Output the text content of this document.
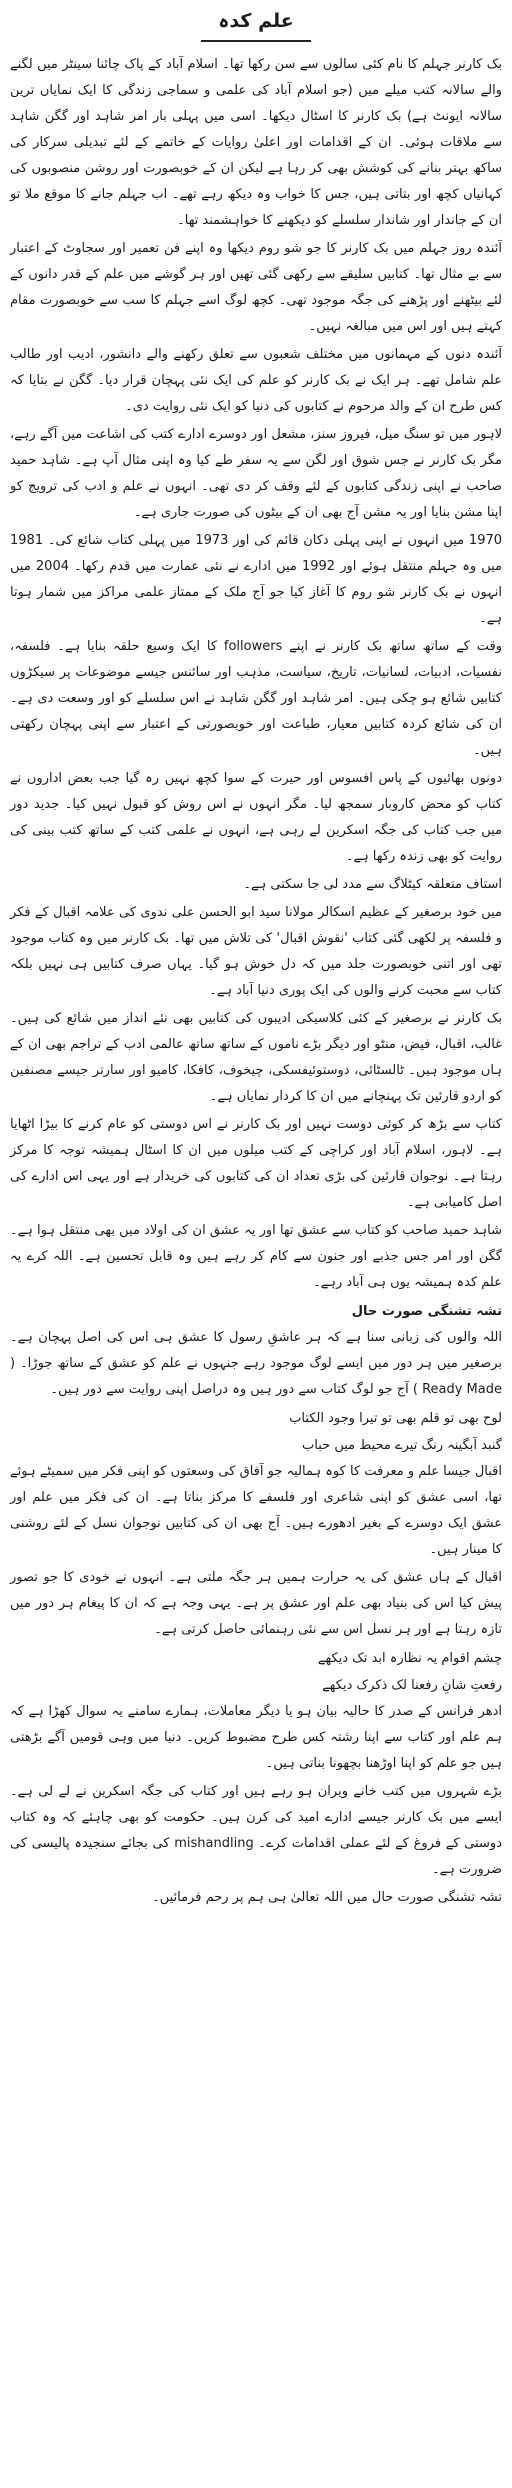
علم کدہ

بک کارنر جہلم کا نام کئی سالوں سے سن رکھا تھا۔ اسلام آباد کے پاک چائنا سینٹر میں لگنے والے سالانہ کتب میلے میں (جو اسلام آباد کی علمی و سماجی زندگی کا ایک نمایاں ترین سالانہ ایونٹ ہے) بک کارنر کا اسٹال دیکھا۔ اسی میں پہلی بار امر شاہد اور گگن شاہد سے ملاقات ہوئی۔ ان کے اقدامات اور اعلیٰ روایات کے خاتمے کے لئے تبدیلی سرکار کی ساکھ بہتر بنانے کی کوشش بھی کر رہا ہے لیکن ان کے خوبصورت اور روشن منصوبوں کی کہانیاں کچھ اور بتاتی ہیں، جس کا خواب وہ دیکھ رہے تھے۔ اب جہلم جانے کا موقع ملا تو ان کے جاندار اور شاندار سلسلے کو دیکھنے کا خواہشمند تھا۔

آئندہ روز جہلم میں بک کارنر کا جو شو روم دیکھا وہ اپنے فن تعمیر اور سجاوٹ کے اعتبار سے بے مثال تھا۔ کتابیں سلیقے سے رکھی گئی تھیں اور ہر گوشے میں علم کے قدر دانوں کے لئے بیٹھنے اور پڑھنے کی جگہ موجود تھی۔ کچھ لوگ اسے جہلم کا سب سے خوبصورت مقام کہتے ہیں اور اس میں مبالغہ نہیں۔

آئندہ دنوں کے مہمانوں میں مختلف شعبوں سے تعلق رکھنے والے دانشور، ادیب اور طالب علم شامل تھے۔ ہر ایک نے بک کارنر کو علم کی ایک نئی پہچان قرار دیا۔ گگن نے بتایا کہ کس طرح ان کے والد مرحوم نے کتابوں کی دنیا کو ایک نئی روایت دی۔

لاہور میں تو سنگ میل، فیروز سنز، مشعل اور دوسرے ادارے کتب کی اشاعت میں آگے رہے، مگر بک کارنر نے جس شوق اور لگن سے یہ سفر طے کیا وہ اپنی مثال آپ ہے۔ شاہد حمید صاحب نے اپنی زندگی کتابوں کے لئے وقف کر دی تھی۔ انہوں نے علم و ادب کی ترویج کو اپنا مشن بنایا اور یہ مشن آج بھی ان کے بیٹوں کی صورت جاری ہے۔

1970 میں انہوں نے اپنی پہلی دکان قائم کی اور 1973 میں پہلی کتاب شائع کی۔ 1981 میں وہ جہلم منتقل ہوئے اور 1992 میں ادارے نے نئی عمارت میں قدم رکھا۔ 2004 میں انہوں نے بک کارنر شو روم کا آغاز کیا جو آج ملک کے ممتاز علمی مراکز میں شمار ہوتا ہے۔

وقت کے ساتھ ساتھ بک کارنر نے اپنے followers کا ایک وسیع حلقہ بنایا ہے۔ فلسفہ، نفسیات، ادبیات، لسانیات، تاریخ، سیاست، مذہب اور سائنس جیسے موضوعات پر سیکڑوں کتابیں شائع ہو چکی ہیں۔ امر شاہد اور گگن شاہد نے اس سلسلے کو اور وسعت دی ہے۔ ان کی شائع کردہ کتابیں معیار، طباعت اور خوبصورتی کے اعتبار سے اپنی پہچان رکھتی ہیں۔

دونوں بھائیوں کے پاس افسوس اور حیرت کے سوا کچھ نہیں رہ گیا جب بعض اداروں نے کتاب کو محض کاروبار سمجھ لیا۔ مگر انہوں نے اس روش کو قبول نہیں کیا۔ جدید دور میں جب کتاب کی جگہ اسکرین لے رہی ہے، انہوں نے علمی کتب کے ساتھ کتب بینی کی روایت کو بھی زندہ رکھا ہے۔

استاف متعلقہ کیٹلاگ سے مدد لی جا سکتی ہے۔

میں خود برصغیر کے عظیم اسکالر مولانا سید ابو الحسن علی ندوی کی علامہ اقبال کے فکر و فلسفہ پر لکھی گئی کتاب 'نقوش اقبال' کی تلاش میں تھا۔ بک کارنر میں وہ کتاب موجود تھی اور اتنی خوبصورت جلد میں کہ دل خوش ہو گیا۔ یہاں صرف کتابیں ہی نہیں بلکہ کتاب سے محبت کرنے والوں کی ایک پوری دنیا آباد ہے۔

بک کارنر نے برصغیر کے کئی کلاسیکی ادیبوں کی کتابیں بھی نئے انداز میں شائع کی ہیں۔ غالب، اقبال، فیض، منٹو اور دیگر بڑے ناموں کے ساتھ ساتھ عالمی ادب کے تراجم بھی ان کے ہاں موجود ہیں۔ ٹالسٹائی، دوستوئیفسکی، چیخوف، کافکا، کامیو اور سارتر جیسے مصنفین کو اردو قارئین تک پہنچانے میں ان کا کردار نمایاں ہے۔

کتاب سے بڑھ کر کوئی دوست نہیں اور بک کارنر نے اس دوستی کو عام کرنے کا بیڑا اٹھایا ہے۔ لاہور، اسلام آباد اور کراچی کے کتب میلوں میں ان کا اسٹال ہمیشہ توجہ کا مرکز رہتا ہے۔ نوجوان قارئین کی بڑی تعداد ان کی کتابوں کی خریدار ہے اور یہی اس ادارے کی اصل کامیابی ہے۔

شاہد حمید صاحب کو کتاب سے عشق تھا اور یہ عشق ان کی اولاد میں بھی منتقل ہوا ہے۔ گگن اور امر جس جذبے اور جنون سے کام کر رہے ہیں وہ قابل تحسین ہے۔ اللہ کرے یہ علم کدہ ہمیشہ یوں ہی آباد رہے۔

تشہ تشنگی صورت حال

اللہ والوں کی زبانی سنا ہے کہ ہر عاشقِ رسول کا عشق ہی اس کی اصل پہچان ہے۔ برصغیر میں ہر دور میں ایسے لوگ موجود رہے جنہوں نے علم کو عشق کے ساتھ جوڑا۔ ( Ready Made ) آج جو لوگ کتاب سے دور ہیں وہ دراصل اپنی روایت سے دور ہیں۔

لوح بھی تو قلم بھی تو تیرا وجود الکتاب

گنبد آبگینہ رنگ تیرے محیط میں حباب

اقبال جیسا علم و معرفت کا کوہ ہمالیہ جو آفاق کی وسعتوں کو اپنی فکر میں سمیٹے ہوئے تھا، اسی عشق کو اپنی شاعری اور فلسفے کا مرکز بناتا ہے۔ ان کی فکر میں علم اور عشق ایک دوسرے کے بغیر ادھورے ہیں۔ آج بھی ان کی کتابیں نوجوان نسل کے لئے روشنی کا مینار ہیں۔

اقبال کے ہاں عشق کی یہ حرارت ہمیں ہر جگہ ملتی ہے۔ انہوں نے خودی کا جو تصور پیش کیا اس کی بنیاد بھی علم اور عشق پر ہے۔ یہی وجہ ہے کہ ان کا پیغام ہر دور میں تازہ رہتا ہے اور ہر نسل اس سے نئی رہنمائی حاصل کرتی ہے۔

چشم اقوام یہ نظارہ ابد تک دیکھے

رفعتِ شانِ رفعنا لک ذکرک دیکھے

ادھر فرانس کے صدر کا حالیہ بیان ہو یا دیگر معاملات، ہمارے سامنے یہ سوال کھڑا ہے کہ ہم علم اور کتاب سے اپنا رشتہ کس طرح مضبوط کریں۔ دنیا میں وہی قومیں آگے بڑھتی ہیں جو علم کو اپنا اوڑھنا بچھونا بناتی ہیں۔

بڑے شہروں میں کتب خانے ویران ہو رہے ہیں اور کتاب کی جگہ اسکرین نے لے لی ہے۔ ایسے میں بک کارنر جیسے ادارے امید کی کرن ہیں۔ حکومت کو بھی چاہئے کہ وہ کتاب دوستی کے فروغ کے لئے عملی اقدامات کرے۔ mishandling کی بجائے سنجیدہ پالیسی کی ضرورت ہے۔

تشہ تشنگی صورت حال میں اللہ تعالیٰ ہی ہم پر رحم فرمائیں۔
